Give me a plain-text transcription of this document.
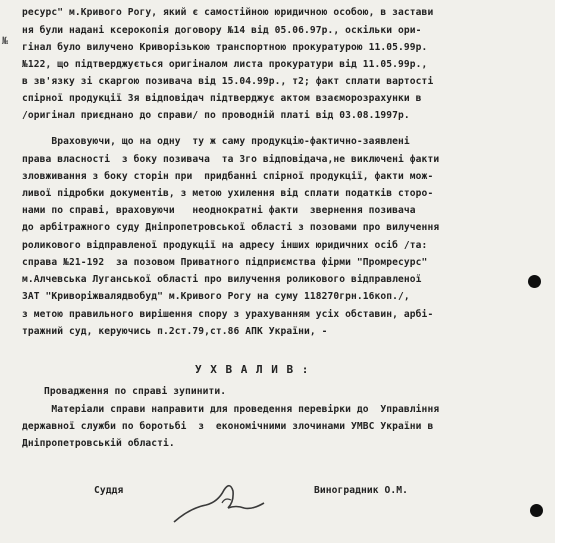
№
ресурс" м.Кривого Рогу, який є самостійною юридичною особою, в застави
ня були надані ксерокопія договору №14 від 05.06.97р., оскільки ори-
гінал було вилучено Криворізькою транспортною прокуратурою 11.05.99р.
№122, що підтверджується оригіналом листа прокуратури від 11.05.99р.,
в зв'язку зі скаргою позивача від 15.04.99р., т2; факт сплати вартості
спірної продукції 3я відповідач підтверджує актом взаєморозрахунки в
/оригінал приєднано до справи/ по проводній платі від 03.08.1997р.
Враховуючи, що на одну  ту ж саму продукцію-фактично-заявлені
права власності  з боку позивача  та 3го відповідача,не виключені факти
зловживання з боку сторін при  придбанні спірної продукції, факти мож-
ливої підробки документів, з метою ухилення від сплати податків сторо-
нами по справі, враховуючи   неоднократні факти  звернення позивача
до арбітражного суду Дніпропетровської області з позовами про вилучення
роликового відправленої продукції на адресу інших юридичних осіб /та:
справа №21-192  за позовом Приватного підприємства фірми "Промресурс"
м.Алчевська Луганської області про вилучення роликового відправленої
ЗАТ "Криворіжвалядвобуд" м.Кривого Рогу на суму 118270грн.16коп./,
з метою правильного вирішення спору з урахуванням усіх обставин, арбі-
тражний суд, керуючись п.2ст.79,ст.86 АПК України, -
У Х В А Л И В :
Провадження по справі зупинити.
Матеріали справи направити для проведення перевірки до  Управління
державної служби по боротьбі  з  економічними злочинами УМВС України в
Дніпропетровській області.
Суддя	Виноградник О.М.
